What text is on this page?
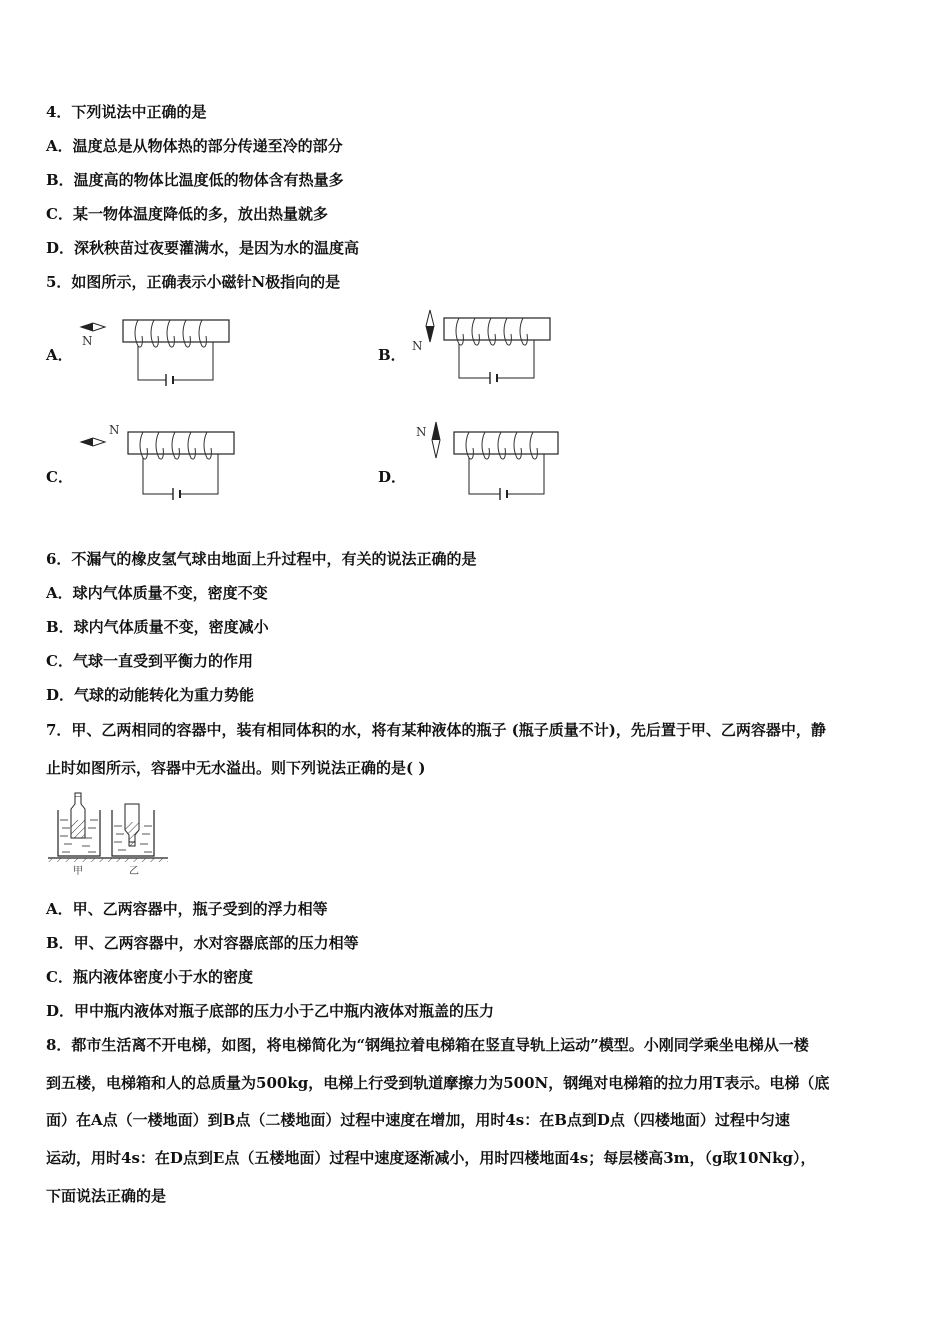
4．下列说法中正确的是
A．温度总是从物体热的部分传递至冷的部分
B．温度高的物体比温度低的物体含有热量多
C．某一物体温度降低的多，放出热量就多
D．深秋秧苗过夜要灌满水，是因为水的温度高
5．如图所示，正确表示小磁针N极指向的是
A．	B．
C．	D．
N	N
N	N
6．不漏气的橡皮氢气球由地面上升过程中，有关的说法正确的是
A．球内气体质量不变，密度不变
B．球内气体质量不变，密度减小
C．气球一直受到平衡力的作用
D．气球的动能转化为重力势能
7．甲、乙两相同的容器中，装有相同体积的水，将有某种液体的瓶子 (瓶子质量不计)，先后置于甲、乙两容器中，静
止时如图所示，容器中无水溢出。则下列说法正确的是( )
甲	乙
A．甲、乙两容器中，瓶子受到的浮力相等
B．甲、乙两容器中，水对容器底部的压力相等
C．瓶内液体密度小于水的密度
D．甲中瓶内液体对瓶子底部的压力小于乙中瓶内液体对瓶盖的压力
8．都市生活离不开电梯，如图，将电梯简化为“钢绳拉着电梯箱在竖直导轨上运动”模型。小刚同学乘坐电梯从一楼
到五楼，电梯箱和人的总质量为500kg，电梯上行受到轨道摩擦力为500N，钢绳对电梯箱的拉力用T表示。电梯（底
面）在A点（一楼地面）到B点（二楼地面）过程中速度在增加，用时4s：在B点到D点（四楼地面）过程中匀速
运动，用时4s：在D点到E点（五楼地面）过程中速度逐渐减小，用时四楼地面4s；每层楼高3m，（g取10Nkg），
下面说法正确的是
